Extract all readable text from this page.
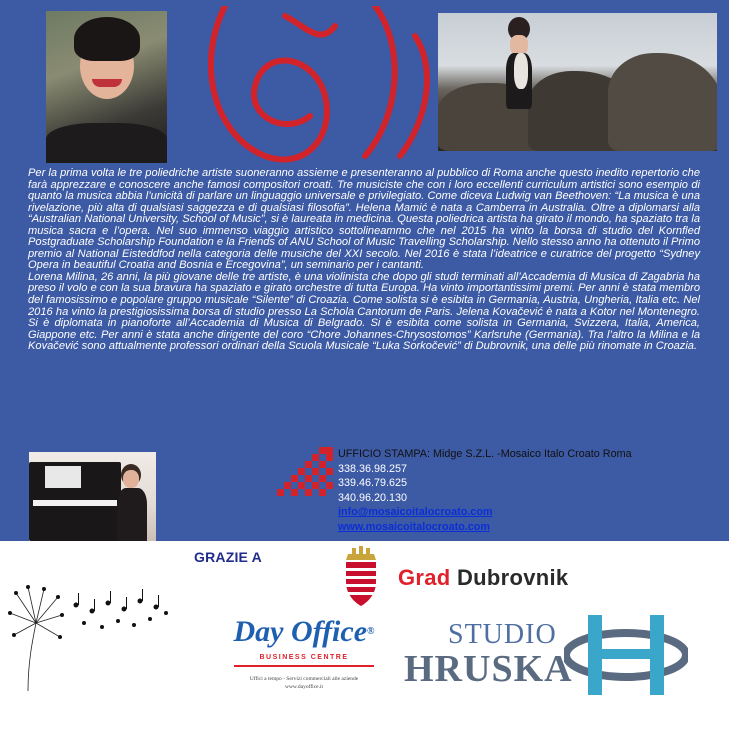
Per la prima volta le tre poliedriche artiste suoneranno assieme e presenteranno al pubblico di Roma anche questo inedito repertorio che farà apprezzare e conoscere anche famosi compositori croati. Tre musiciste che con i loro eccellenti curriculum artistici sono esempio di quanto la musica abbia l’unicità di parlare un linguaggio universale e privilegiato. Come diceva Ludwig van Beethoven: “La musica è una rivelazione, più alta di qualsiasi saggezza e di qualsiasi filosofia”. Helena Mamić è nata a Camberra in Australia. Oltre a diplomarsi alla “Australian National University, School of Music”, si è laureata in medicina. Questa poliedrica artista ha girato il mondo, ha spaziato tra la musica sacra e l’opera. Nel suo immenso viaggio artistico sottolineammo che nel 2015 ha vinto la borsa di studio del Kornfled Postgraduate Scholarship Foundation e la Friends of ANU School of Music Travelling Scholarship. Nello stesso anno ha ottenuto il Primo premio al National Eisteddfod nella categoria delle musiche del XXI secolo. Nel 2016 è stata l’ideatrice e curatrice del progetto “Sydney Opera in beautiful Croatia and Bosnia e Ercegovina”, un seminario per i cantanti.

Lorena Milina, 26 anni, la più giovane delle tre artiste, è una violinista che dopo gli studi terminati all’Accademia di Musica di Zagabria ha preso il volo e con la sua bravura ha spaziato e girato orchestre di tutta Europa. Ha vinto importantissimi premi. Per anni è stata membro del famosissimo e popolare gruppo musicale “Silente” di Croazia. Come solista si è esibita in Germania, Austria, Ungheria, Italia etc. Nel 2016 ha vinto la prestigiosissima borsa di studio presso La Schola Cantorum de Paris. Jelena Kovačević è nata a Kotor nel Montenegro. Si è diplomata in pianoforte all’Accademia di Musica di Belgrado. Si è esibita come solista in Germania, Svizzera, Italia, America, Giappone etc. Per anni è stata anche dirigente del coro “Chore Johannes-Chrysostomos” Karlsruhe (Germania). Tra l’altro la Milina e la Kovačević sono attualmente professori ordinari della Scuola Musicale “Luka Sorkočević” di Dubrovnik, una delle più rinomate in Croazia.

UFFICIO STAMPA: Midge S.Z.L. -Mosaico Italo Croato Roma
338.36.98.257
339.46.79.625
340.96.20.130
info@mosaicoitalocroato.com
www.mosaicoitalocroato.com
GRAZIE A
Grad Dubrovnik
Day Office®
BUSINESS CENTRE
Uffici a tempo - Servizi commerciali alle aziende
www.dayoffice.it
STUDIO
HRUSKA
